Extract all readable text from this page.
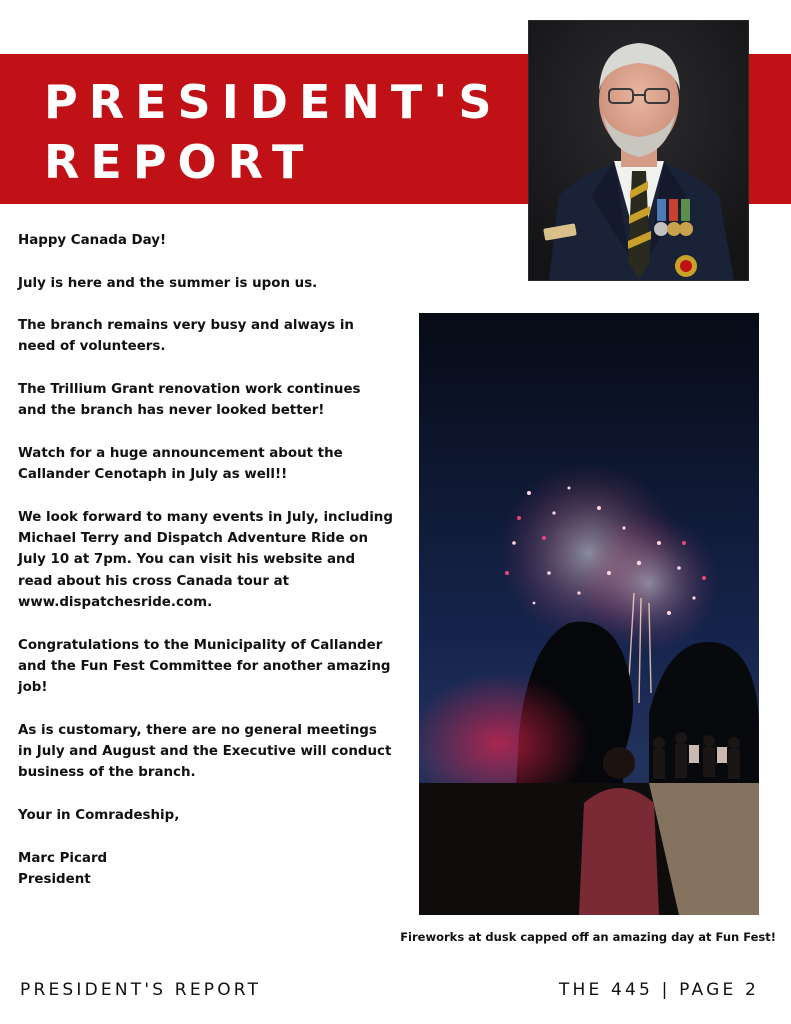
PRESIDENT'S
REPORT

Happy Canada Day!

July is here and the summer is upon us.

The branch remains very busy and always in need of volunteers.

The Trillium Grant renovation work continues and the branch has never looked better!

Watch for a huge announcement about the Callander Cenotaph in July as well!!

We look forward to many events in July, including Michael Terry and Dispatch Adventure Ride on July 10 at 7pm. You can visit his website and read about his cross Canada tour at www.dispatchesride.com.

Congratulations to the Municipality of Callander and the Fun Fest Committee for another amazing job!

As is customary, there are no general meetings in July and August and the Executive will conduct business of the branch.

Your in Comradeship,

Marc Picard

President

Fireworks at dusk capped off an amazing day at Fun Fest!
PRESIDENT'S REPORT	THE 445 | PAGE 2
